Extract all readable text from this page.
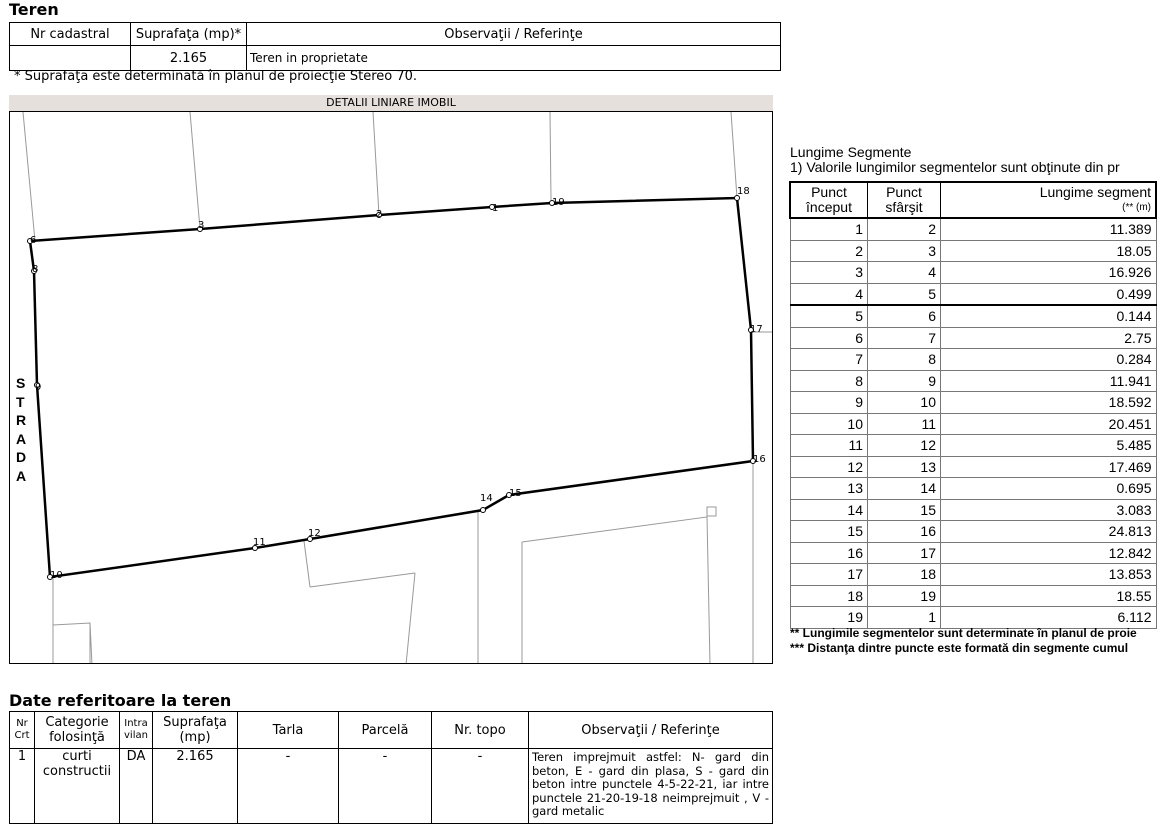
Teren
Nr cadastral	Suprafaţa (mp)*	Observaţii / Referinţe
	2.165	Teren in proprietate
* Suprafaţa este determinată în planul de proiecţie Stereo 70.
DETALII LINIARE IMOBIL
1
2
3
6
8
9
10
11
12
14 15
16
17
18
19
S
T
R
A
D
A
Lungime Segmente
1) Valorile lungimilor segmentelor sunt obţinute din pr
Punct început	Punct sfârşit	Lungime segment
(** (m)

1	2	11.389
2	3	18.05
3	4	16.926
4	5	0.499
5	6	0.144
6	7	2.75
7	8	0.284
8	9	11.941
9	10	18.592
10	11	20.451
11	12	5.485
12	13	17.469
13	14	0.695
14	15	3.083
15	16	24.813
16	17	12.842
17	18	13.853
18	19	18.55
19	1	6.112
** Lungimile segmentelor sunt determinate în planul de proie
*** Distanţa dintre puncte este formată din segmente cumul
Date referitoare la teren
Nr Crt	Categorie folosinţă	Intra vilan	Suprafaţa (mp)	Tarla	Parcelă	Nr. topo	Observaţii / Referinţe
1	curti constructii	DA	2.165	-	-	-	Teren imprejmuit astfel: N- gard din beton, E - gard din plasa, S - gard din beton intre punctele 4-5-22-21, iar intre punctele 21-20-19-18 neimprejmuit , V - gard metalic
